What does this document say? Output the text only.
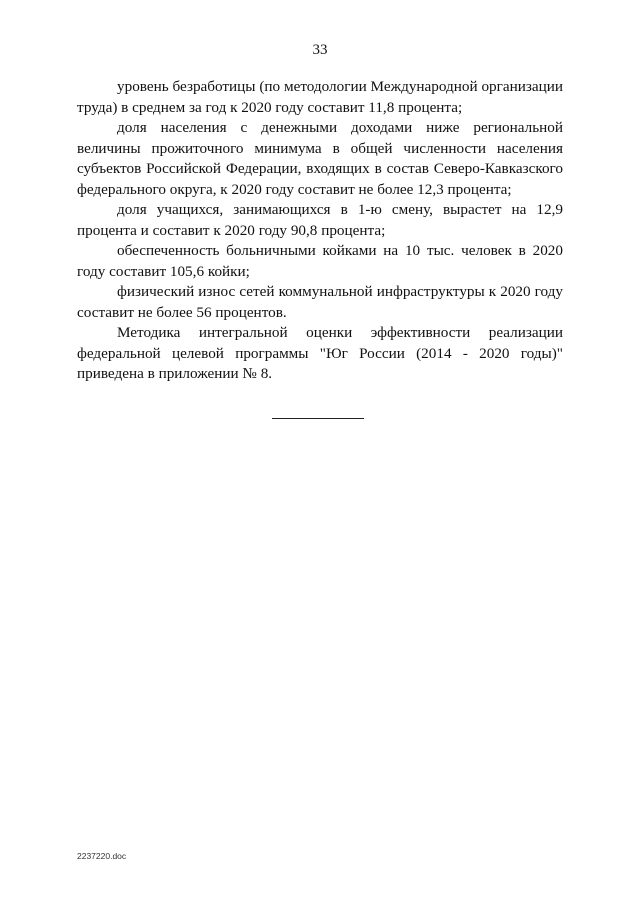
33

уровень безработицы (по методологии Международной организации труда) в среднем за год к 2020 году составит 11,8 процента;

доля населения с денежными доходами ниже региональной величины прожиточного минимума в общей численности населения субъектов Российской Федерации, входящих в состав Северо-Кавказского федерального округа, к 2020 году составит не более 12,3 процента;

доля учащихся, занимающихся в 1-ю смену, вырастет на 12,9 процента и составит к 2020 году 90,8 процента;

обеспеченность больничными койками на 10 тыс. человек в 2020 году составит 105,6 койки;

физический износ сетей коммунальной инфраструктуры к 2020 году составит не более 56 процентов.

Методика интегральной оценки эффективности реализации федеральной целевой программы "Юг России (2014 - 2020 годы)" приведена в приложении № 8.

2237220.doc
